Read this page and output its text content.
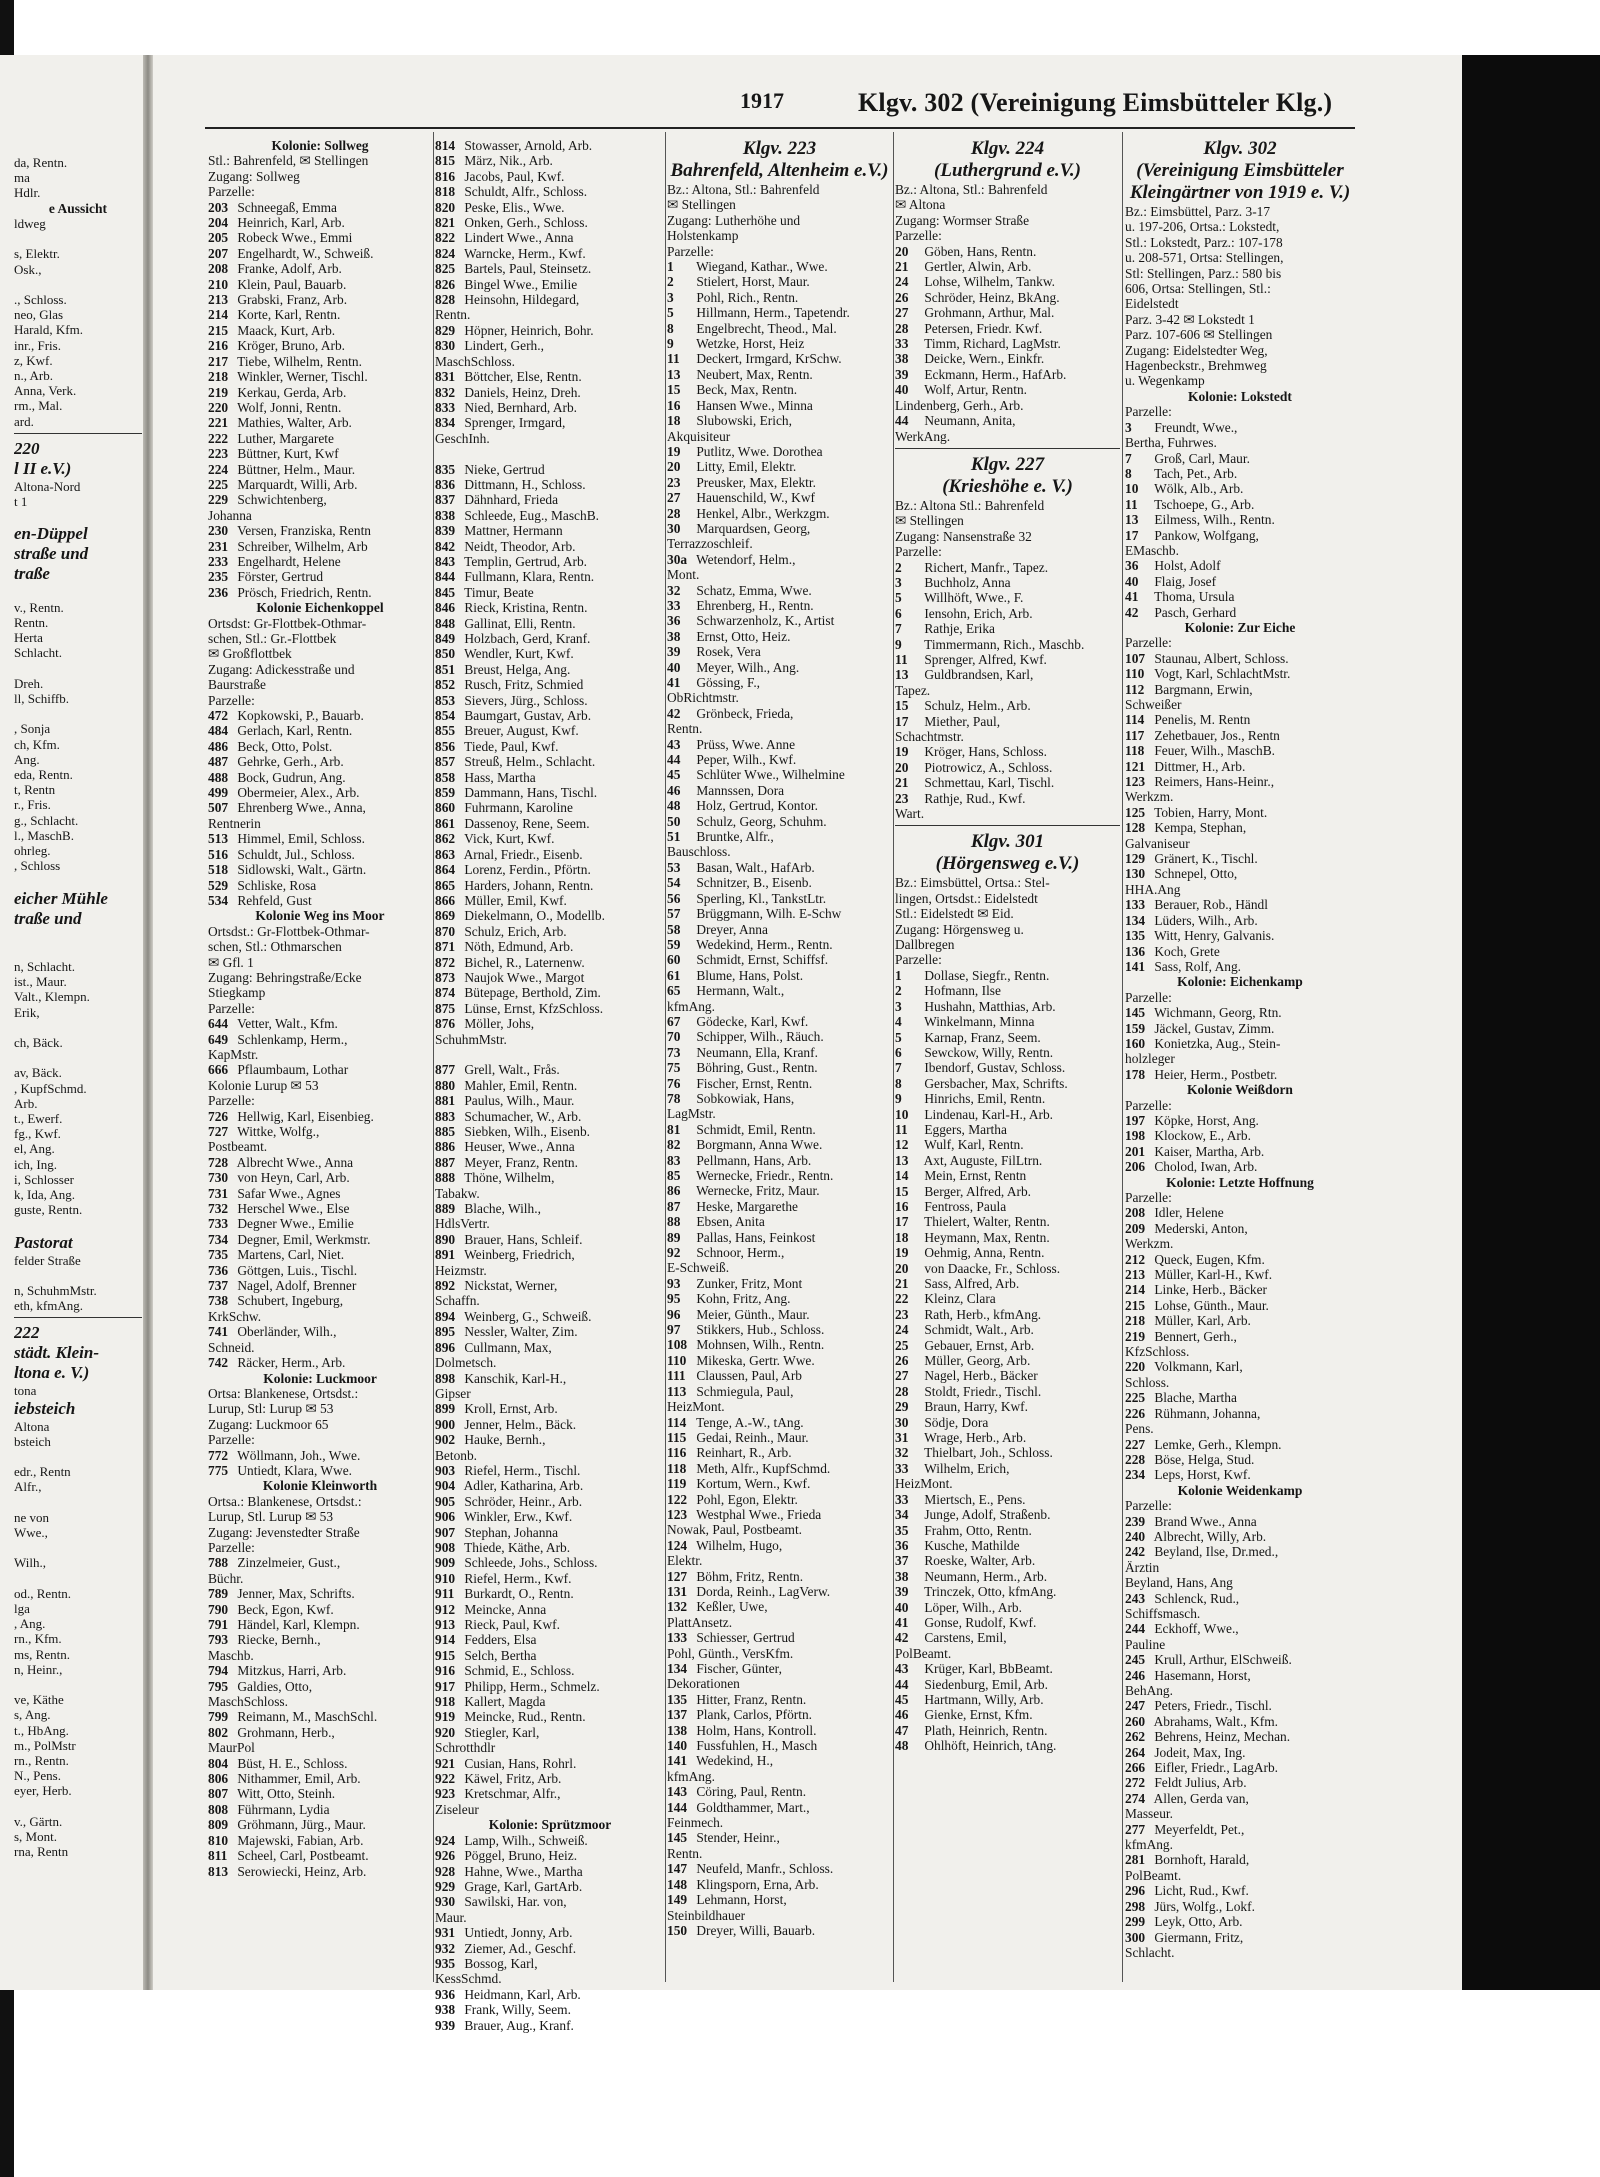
1917	Klgv. 302 (Vereinigung Eimsbütteler Klg.)
da, Rentn.
ma
Hdlr.
e Aussicht
ldweg

s, Elektr.
Osk.,

., Schloss.
neo, Glas
Harald, Kfm.
inr., Fris.
z, Kwf.
n., Arb.
Anna, Verk.
rm., Mal.
ard.
220
l II e.V.)
Altona-Nord
t 1

en-Düppel
straße und
traße

v., Rentn.
Rentn.
Herta
Schlacht.

Dreh.
ll, Schiffb.

, Sonja
ch, Kfm.
Ang.
eda, Rentn.
t, Rentn
r., Fris.
g., Schlacht.
l., MaschB.
ohrleg.
, Schloss

eicher Mühle
traße und

n, Schlacht.
ist., Maur.
Valt., Klempn.
Erik,

ch, Bäck.

av, Bäck.
, KupfSchmd.
Arb.
t., Ewerf.
fg., Kwf.
el, Ang.
ich, Ing.
i, Schlosser
k, Ida, Ang.
guste, Rentn.

Pastorat
felder Straße

n, SchuhmMstr.
eth, kfmAng.
222
städt. Klein-
ltona e. V.)
tona
iebsteich
Altona
bsteich

edr., Rentn
Alfr.,

ne von
Wwe.,

Wilh.,

od., Rentn.
lga
, Ang.
rn., Kfm.
ms, Rentn.
n, Heinr.,

ve, Käthe
s, Ang.
t., HbAng.
m., PolMstr
rn., Rentn.
N., Pens.
eyer, Herb.

v., Gärtn.
s, Mont.
rna, Rentn
Kolonie: Sollweg
Stl.: Bahrenfeld, ✉ Stellingen
Zugang: Sollweg
Parzelle:
203 Schneegaß, Emma
204 Heinrich, Karl, Arb.
205 Robeck Wwe., Emmi
207 Engelhardt, W., Schweiß.
208 Franke, Adolf, Arb.
210 Klein, Paul, Bauarb.
213 Grabski, Franz, Arb.
214 Korte, Karl, Rentn.
215 Maack, Kurt, Arb.
216 Kröger, Bruno, Arb.
217 Tiebe, Wilhelm, Rentn.
218 Winkler, Werner, Tischl.
219 Kerkau, Gerda, Arb.
220 Wolf, Jonni, Rentn.
221 Mathies, Walter, Arb.
222 Luther, Margarete
223 Büttner, Kurt, Kwf
224 Büttner, Helm., Maur.
225 Marquardt, Willi, Arb.
229 Schwichtenberg,
Johanna
230 Versen, Franziska, Rentn
231 Schreiber, Wilhelm, Arb
233 Engelhardt, Helene
235 Förster, Gertrud
236 Prösch, Friedrich, Rentn.
Kolonie Eichenkoppel
Ortsdst: Gr-Flottbek-Othmar-
schen, Stl.: Gr.-Flottbek
✉ Großflottbek
Zugang: Adickesstraße und
Baurstraße
Parzelle:
472 Kopkowski, P., Bauarb.
484 Gerlach, Karl, Rentn.
486 Beck, Otto, Polst.
487 Gehrke, Gerh., Arb.
488 Bock, Gudrun, Ang.
499 Obermeier, Alex., Arb.
507 Ehrenberg Wwe., Anna,
Rentnerin
513 Himmel, Emil, Schloss.
516 Schuldt, Jul., Schloss.
518 Sidlowski, Walt., Gärtn.
529 Schliske, Rosa
534 Rehfeld, Gust
Kolonie Weg ins Moor
Ortsdst.: Gr-Flottbek-Othmar-
schen, Stl.: Othmarschen
✉ Gfl. 1
Zugang: Behringstraße/Ecke
Stiegkamp
Parzelle:
644 Vetter, Walt., Kfm.
649 Schlenkamp, Herm.,
KapMstr.
666 Pflaumbaum, Lothar
Kolonie Lurup ✉ 53
Parzelle:
726 Hellwig, Karl, Eisenbieg.
727 Wittke, Wolfg.,
Postbeamt.
728 Albrecht Wwe., Anna
730 von Heyn, Carl, Arb.
731 Safar Wwe., Agnes
732 Herschel Wwe., Else
733 Degner Wwe., Emilie
734 Degner, Emil, Werkmstr.
735 Martens, Carl, Niet.
736 Göttgen, Luis., Tischl.
737 Nagel, Adolf, Brenner
738 Schubert, Ingeburg,
KrkSchw.
741 Oberländer, Wilh.,
Schneid.
742 Räcker, Herm., Arb.
Kolonie: Luckmoor
Ortsa: Blankenese, Ortsdst.:
Lurup, Stl: Lurup ✉ 53
Zugang: Luckmoor 65
Parzelle:
772 Wöllmann, Joh., Wwe.
775 Untiedt, Klara, Wwe.
Kolonie Kleinworth
Ortsa.: Blankenese, Ortsdst.:
Lurup, Stl. Lurup ✉ 53
Zugang: Jevenstedter Straße
Parzelle:
788 Zinzelmeier, Gust.,
Büchr.
789 Jenner, Max, Schrifts.
790 Beck, Egon, Kwf.
791 Händel, Karl, Klempn.
793 Riecke, Bernh.,
Maschb.
794 Mitzkus, Harri, Arb.
795 Galdies, Otto,
MaschSchloss.
799 Reimann, M., MaschSchl.
802 Grohmann, Herb.,
MaurPol
804 Büst, H. E., Schloss.
806 Nithammer, Emil, Arb.
807 Witt, Otto, Steinh.
808 Führmann, Lydia
809 Gröhmann, Jürg., Maur.
810 Majewski, Fabian, Arb.
811 Scheel, Carl, Postbeamt.
813 Serowiecki, Heinz, Arb.
814 Stowasser, Arnold, Arb.
815 März, Nik., Arb.
816 Jacobs, Paul, Kwf.
818 Schuldt, Alfr., Schloss.
820 Peske, Elis., Wwe.
821 Onken, Gerh., Schloss.
822 Lindert Wwe., Anna
824 Warncke, Herm., Kwf.
825 Bartels, Paul, Steinsetz.
826 Bingel Wwe., Emilie
828 Heinsohn, Hildegard,
Rentn.
829 Höpner, Heinrich, Bohr.
830 Lindert, Gerh.,
MaschSchloss.
831 Böttcher, Else, Rentn.
832 Daniels, Heinz, Dreh.
833 Nied, Bernhard, Arb.
834 Sprenger, Irmgard,
GeschInh.

835 Nieke, Gertrud
836 Dittmann, H., Schloss.
837 Dähnhard, Frieda
838 Schleede, Eug., MaschB.
839 Mattner, Hermann
842 Neidt, Theodor, Arb.
843 Templin, Gertrud, Arb.
844 Fullmann, Klara, Rentn.
845 Timur, Beate
846 Rieck, Kristina, Rentn.
848 Gallinat, Elli, Rentn.
849 Holzbach, Gerd, Kranf.
850 Wendler, Kurt, Kwf.
851 Breust, Helga, Ang.
852 Rusch, Fritz, Schmied
853 Sievers, Jürg., Schloss.
854 Baumgart, Gustav, Arb.
855 Breuer, August, Kwf.
856 Tiede, Paul, Kwf.
857 Streuß, Helm., Schlacht.
858 Hass, Martha
859 Dammann, Hans, Tischl.
860 Fuhrmann, Karoline
861 Dassenoy, Rene, Seem.
862 Vick, Kurt, Kwf.
863 Arnal, Friedr., Eisenb.
864 Lorenz, Ferdin., Pförtn.
865 Harders, Johann, Rentn.
866 Müller, Emil, Kwf.
869 Diekelmann, O., Modellb.
870 Schulz, Erich, Arb.
871 Nöth, Edmund, Arb.
872 Bichel, R., Laternenw.
873 Naujok Wwe., Margot
874 Bütepage, Berthold, Zim.
875 Lünse, Ernst, KfzSchloss.
876 Möller, Johs,
SchuhmMstr.

877 Grell, Walt., Frås.
880 Mahler, Emil, Rentn.
881 Paulus, Wilh., Maur.
883 Schumacher, W., Arb.
885 Siebken, Wilh., Eisenb.
886 Heuser, Wwe., Anna
887 Meyer, Franz, Rentn.
888 Thöne, Wilhelm,
Tabakw.
889 Blache, Wilh.,
HdlsVertr.
890 Brauer, Hans, Schleif.
891 Weinberg, Friedrich,
Heizmstr.
892 Nickstat, Werner,
Schaffn.
894 Weinberg, G., Schweiß.
895 Nessler, Walter, Zim.
896 Cullmann, Max,
Dolmetsch.
898 Kanschik, Karl-H.,
Gipser
899 Kroll, Ernst, Arb.
900 Jenner, Helm., Bäck.
902 Hauke, Bernh.,
Betonb.
903 Riefel, Herm., Tischl.
904 Adler, Katharina, Arb.
905 Schröder, Heinr., Arb.
906 Winkler, Erw., Kwf.
907 Stephan, Johanna
908 Thiede, Käthe, Arb.
909 Schleede, Johs., Schloss.
910 Riefel, Herm., Kwf.
911 Burkardt, O., Rentn.
912 Meincke, Anna
913 Rieck, Paul, Kwf.
914 Fedders, Elsa
915 Selch, Bertha
916 Schmid, E., Schloss.
917 Philipp, Herm., Schmelz.
918 Kallert, Magda
919 Meincke, Rud., Rentn.
920 Stiegler, Karl,
Schrotthdlr
921 Cusian, Hans, Rohrl.
922 Käwel, Fritz, Arb.
923 Kretschmar, Alfr.,
Ziseleur
Kolonie: Sprützmoor
924 Lamp, Wilh., Schweiß.
926 Pöggel, Bruno, Heiz.
928 Hahne, Wwe., Martha
929 Grage, Karl, GartArb.
930 Sawilski, Har. von,
Maur.
931 Untiedt, Jonny, Arb.
932 Ziemer, Ad., Geschf.
935 Bossog, Karl,
KessSchmd.
936 Heidmann, Karl, Arb.
938 Frank, Willy, Seem.
939 Brauer, Aug., Kranf.
Klgv. 223
Bahrenfeld, Altenheim e.V.)
Bz.: Altona, Stl.: Bahrenfeld
✉ Stellingen
Zugang: Lutherhöhe und
Holstenkamp
Parzelle:
1 Wiegand, Kathar., Wwe.
2 Stielert, Horst, Maur.
3 Pohl, Rich., Rentn.
5 Hillmann, Herm., Tapetendr.
8 Engelbrecht, Theod., Mal.
9 Wetzke, Horst, Heiz
11 Deckert, Irmgard, KrSchw.
13 Neubert, Max, Rentn.
15 Beck, Max, Rentn.
16 Hansen Wwe., Minna
18 Slubowski, Erich,
Akquisiteur
19 Putlitz, Wwe. Dorothea
20 Litty, Emil, Elektr.
23 Preusker, Max, Elektr.
27 Hauenschild, W., Kwf
28 Henkel, Albr., Werkzgm.
30 Marquardsen, Georg,
Terrazzoschleif.
30a Wetendorf, Helm.,
Mont.
32 Schatz, Emma, Wwe.
33 Ehrenberg, H., Rentn.
36 Schwarzenholz, K., Artist
38 Ernst, Otto, Heiz.
39 Rosek, Vera
40 Meyer, Wilh., Ang.
41 Gössing, F.,
ObRichtmstr.
42 Grönbeck, Frieda,
Rentn.
43 Prüss, Wwe. Anne
44 Peper, Wilh., Kwf.
45 Schlüter Wwe., Wilhelmine
46 Mannssen, Dora
48 Holz, Gertrud, Kontor.
50 Schulz, Georg, Schuhm.
51 Bruntke, Alfr.,
Bauschloss.
53 Basan, Walt., HafArb.
54 Schnitzer, B., Eisenb.
56 Sperling, Kl., TankstLtr.
57 Brüggmann, Wilh. E-Schw
58 Dreyer, Anna
59 Wedekind, Herm., Rentn.
60 Schmidt, Ernst, Schiffsf.
61 Blume, Hans, Polst.
65 Hermann, Walt.,
kfmAng.
67 Gödecke, Karl, Kwf.
70 Schipper, Wilh., Räuch.
73 Neumann, Ella, Kranf.
75 Böhring, Gust., Rentn.
76 Fischer, Ernst, Rentn.
78 Sobkowiak, Hans,
LagMstr.
81 Schmidt, Emil, Rentn.
82 Borgmann, Anna Wwe.
83 Pellmann, Hans, Arb.
85 Wernecke, Friedr., Rentn.
86 Wernecke, Fritz, Maur.
87 Heske, Margarethe
88 Ebsen, Anita
89 Pallas, Hans, Feinkost
92 Schnoor, Herm.,
E-Schweiß.
93 Zunker, Fritz, Mont
95 Kohn, Fritz, Ang.
96 Meier, Günth., Maur.
97 Stikkers, Hub., Schloss.
108 Mohnsen, Wilh., Rentn.
110 Mikeska, Gertr. Wwe.
111 Claussen, Paul, Arb
113 Schmiegula, Paul,
HeizMont.
114 Tenge, A.-W., tAng.
115 Gedai, Reinh., Maur.
116 Reinhart, R., Arb.
118 Meth, Alfr., KupfSchmd.
119 Kortum, Wern., Kwf.
122 Pohl, Egon, Elektr.
123 Westphal Wwe., Frieda
Nowak, Paul, Postbeamt.
124 Wilhelm, Hugo,
Elektr.
127 Böhm, Fritz, Rentn.
131 Dorda, Reinh., LagVerw.
132 Keßler, Uwe,
PlattAnsetz.
133 Schiesser, Gertrud
Pohl, Günth., VersKfm.
134 Fischer, Günter,
Dekorationen
135 Hitter, Franz, Rentn.
137 Plank, Carlos, Pförtn.
138 Holm, Hans, Kontroll.
140 Fussfuhlen, H., Masch
141 Wedekind, H.,
kfmAng.
143 Cöring, Paul, Rentn.
144 Goldthammer, Mart.,
Feinmech.
145 Stender, Heinr.,
Rentn.
147 Neufeld, Manfr., Schloss.
148 Klingsporn, Erna, Arb.
149 Lehmann, Horst,
Steinbildhauer
150 Dreyer, Willi, Bauarb.
Klgv. 224
(Luthergrund e.V.)
Bz.: Altona, Stl.: Bahrenfeld
✉ Altona
Zugang: Wormser Straße
Parzelle:
20 Göben, Hans, Rentn.
21 Gertler, Alwin, Arb.
24 Lohse, Wilhelm, Tankw.
26 Schröder, Heinz, BkAng.
27 Grohmann, Arthur, Mal.
28 Petersen, Friedr. Kwf.
33 Timm, Richard, LagMstr.
38 Deicke, Wern., Einkfr.
39 Eckmann, Herm., HafArb.
40 Wolf, Artur, Rentn.
Lindenberg, Gerh., Arb.
44 Neumann, Anita,
WerkAng.
Klgv. 227
(Krieshöhe e. V.)
Bz.: Altona Stl.: Bahrenfeld
✉ Stellingen
Zugang: Nansenstraße 32
Parzelle:
2 Richert, Manfr., Tapez.
3 Buchholz, Anna
5 Willhöft, Wwe., F.
6 Iensohn, Erich, Arb.
7 Rathje, Erika
9 Timmermann, Rich., Maschb.
11 Sprenger, Alfred, Kwf.
13 Guldbrandsen, Karl,
Tapez.
15 Schulz, Helm., Arb.
17 Miether, Paul,
Schachtmstr.
19 Kröger, Hans, Schloss.
20 Piotrowicz, A., Schloss.
21 Schmettau, Karl, Tischl.
23 Rathje, Rud., Kwf.
Wart.
Klgv. 301
(Hörgensweg e.V.)
Bz.: Eimsbüttel, Ortsa.: Stel-
lingen, Ortsdst.: Eidelstedt
Stl.: Eidelstedt ✉ Eid.
Zugang: Hörgensweg u.
Dallbregen
Parzelle:
1 Dollase, Siegfr., Rentn.
2 Hofmann, Ilse
3 Hushahn, Matthias, Arb.
4 Winkelmann, Minna
5 Karnap, Franz, Seem.
6 Sewckow, Willy, Rentn.
7 Ibendorf, Gustav, Schloss.
8 Gersbacher, Max, Schrifts.
9 Hinrichs, Emil, Rentn.
10 Lindenau, Karl-H., Arb.
11 Eggers, Martha
12 Wulf, Karl, Rentn.
13 Axt, Auguste, FilLtrn.
14 Mein, Ernst, Rentn
15 Berger, Alfred, Arb.
16 Fentross, Paula
17 Thielert, Walter, Rentn.
18 Heymann, Max, Rentn.
19 Oehmig, Anna, Rentn.
20 von Daacke, Fr., Schloss.
21 Sass, Alfred, Arb.
22 Kleinz, Clara
23 Rath, Herb., kfmAng.
24 Schmidt, Walt., Arb.
25 Gebauer, Ernst, Arb.
26 Müller, Georg, Arb.
27 Nagel, Herb., Bäcker
28 Stoldt, Friedr., Tischl.
29 Braun, Harry, Kwf.
30 Södje, Dora
31 Wrage, Herb., Arb.
32 Thielbart, Joh., Schloss.
33 Wilhelm, Erich,
HeizMont.
33 Miertsch, E., Pens.
34 Junge, Adolf, Straßenb.
35 Frahm, Otto, Rentn.
36 Kusche, Mathilde
37 Roeske, Walter, Arb.
38 Neumann, Herm., Arb.
39 Trinczek, Otto, kfmAng.
40 Löper, Wilh., Arb.
41 Gonse, Rudolf, Kwf.
42 Carstens, Emil,
PolBeamt.
43 Krüger, Karl, BbBeamt.
44 Siedenburg, Emil, Arb.
45 Hartmann, Willy, Arb.
46 Gienke, Ernst, Kfm.
47 Plath, Heinrich, Rentn.
48 Ohlhöft, Heinrich, tAng.
Klgv. 302
(Vereinigung Eimsbütteler
Kleingärtner von 1919 e. V.)
Bz.: Eimsbüttel, Parz. 3-17
u. 197-206, Ortsa.: Lokstedt,
Stl.: Lokstedt, Parz.: 107-178
u. 208-571, Ortsa: Stellingen,
Stl: Stellingen, Parz.: 580 bis
606, Ortsa: Stellingen, Stl.:
Eidelstedt
Parz. 3-42 ✉ Lokstedt 1
Parz. 107-606 ✉ Stellingen
Zugang: Eidelstedter Weg,
Hagenbeckstr., Brehmweg
u. Wegenkamp
Kolonie: Lokstedt
Parzelle:
3 Freundt, Wwe.,
Bertha, Fuhrwes.
7 Groß, Carl, Maur.
8 Tach, Pet., Arb.
10 Wölk, Alb., Arb.
11 Tschoepe, G., Arb.
13 Eilmess, Wilh., Rentn.
17 Pankow, Wolfgang,
EMaschb.
36 Holst, Adolf
40 Flaig, Josef
41 Thoma, Ursula
42 Pasch, Gerhard
Kolonie: Zur Eiche
Parzelle:
107 Staunau, Albert, Schloss.
110 Vogt, Karl, SchlachtMstr.
112 Bargmann, Erwin,
Schweißer
114 Penelis, M. Rentn
117 Zehetbauer, Jos., Rentn
118 Feuer, Wilh., MaschB.
121 Dittmer, H., Arb.
123 Reimers, Hans-Heinr.,
Werkzm.
125 Tobien, Harry, Mont.
128 Kempa, Stephan,
Galvaniseur
129 Gränert, K., Tischl.
130 Schnepel, Otto,
HHA.Ang
133 Berauer, Rob., Händl
134 Lüders, Wilh., Arb.
135 Witt, Henry, Galvanis.
136 Koch, Grete
141 Sass, Rolf, Ang.
Kolonie: Eichenkamp
Parzelle:
145 Wichmann, Georg, Rtn.
159 Jäckel, Gustav, Zimm.
160 Konietzka, Aug., Stein-
holzleger
178 Heier, Herm., Postbetr.
Kolonie Weißdorn
Parzelle:
197 Köpke, Horst, Ang.
198 Klockow, E., Arb.
201 Kaiser, Martha, Arb.
206 Cholod, Iwan, Arb.
Kolonie: Letzte Hoffnung
Parzelle:
208 Idler, Helene
209 Mederski, Anton,
Werkzm.
212 Queck, Eugen, Kfm.
213 Müller, Karl-H., Kwf.
214 Linke, Herb., Bäcker
215 Lohse, Günth., Maur.
218 Müller, Karl, Arb.
219 Bennert, Gerh.,
KfzSchloss.
220 Volkmann, Karl,
Schloss.
225 Blache, Martha
226 Rühmann, Johanna,
Pens.
227 Lemke, Gerh., Klempn.
228 Böse, Helga, Stud.
234 Leps, Horst, Kwf.
Kolonie Weidenkamp
Parzelle:
239 Brand Wwe., Anna
240 Albrecht, Willy, Arb.
242 Beyland, Ilse, Dr.med.,
Ärztin
Beyland, Hans, Ang
243 Schlenck, Rud.,
Schiffsmasch.
244 Eckhoff, Wwe.,
Pauline
245 Krull, Arthur, ElSchweiß.
246 Hasemann, Horst,
BehAng.
247 Peters, Friedr., Tischl.
260 Abrahams, Walt., Kfm.
262 Behrens, Heinz, Mechan.
264 Jodeit, Max, Ing.
266 Eifler, Friedr., LagArb.
272 Feldt Julius, Arb.
274 Allen, Gerda van,
Masseur.
277 Meyerfeldt, Pet.,
kfmAng.
281 Bornhoft, Harald,
PolBeamt.
296 Licht, Rud., Kwf.
298 Jürs, Wolfg., Lokf.
299 Leyk, Otto, Arb.
300 Giermann, Fritz,
Schlacht.
